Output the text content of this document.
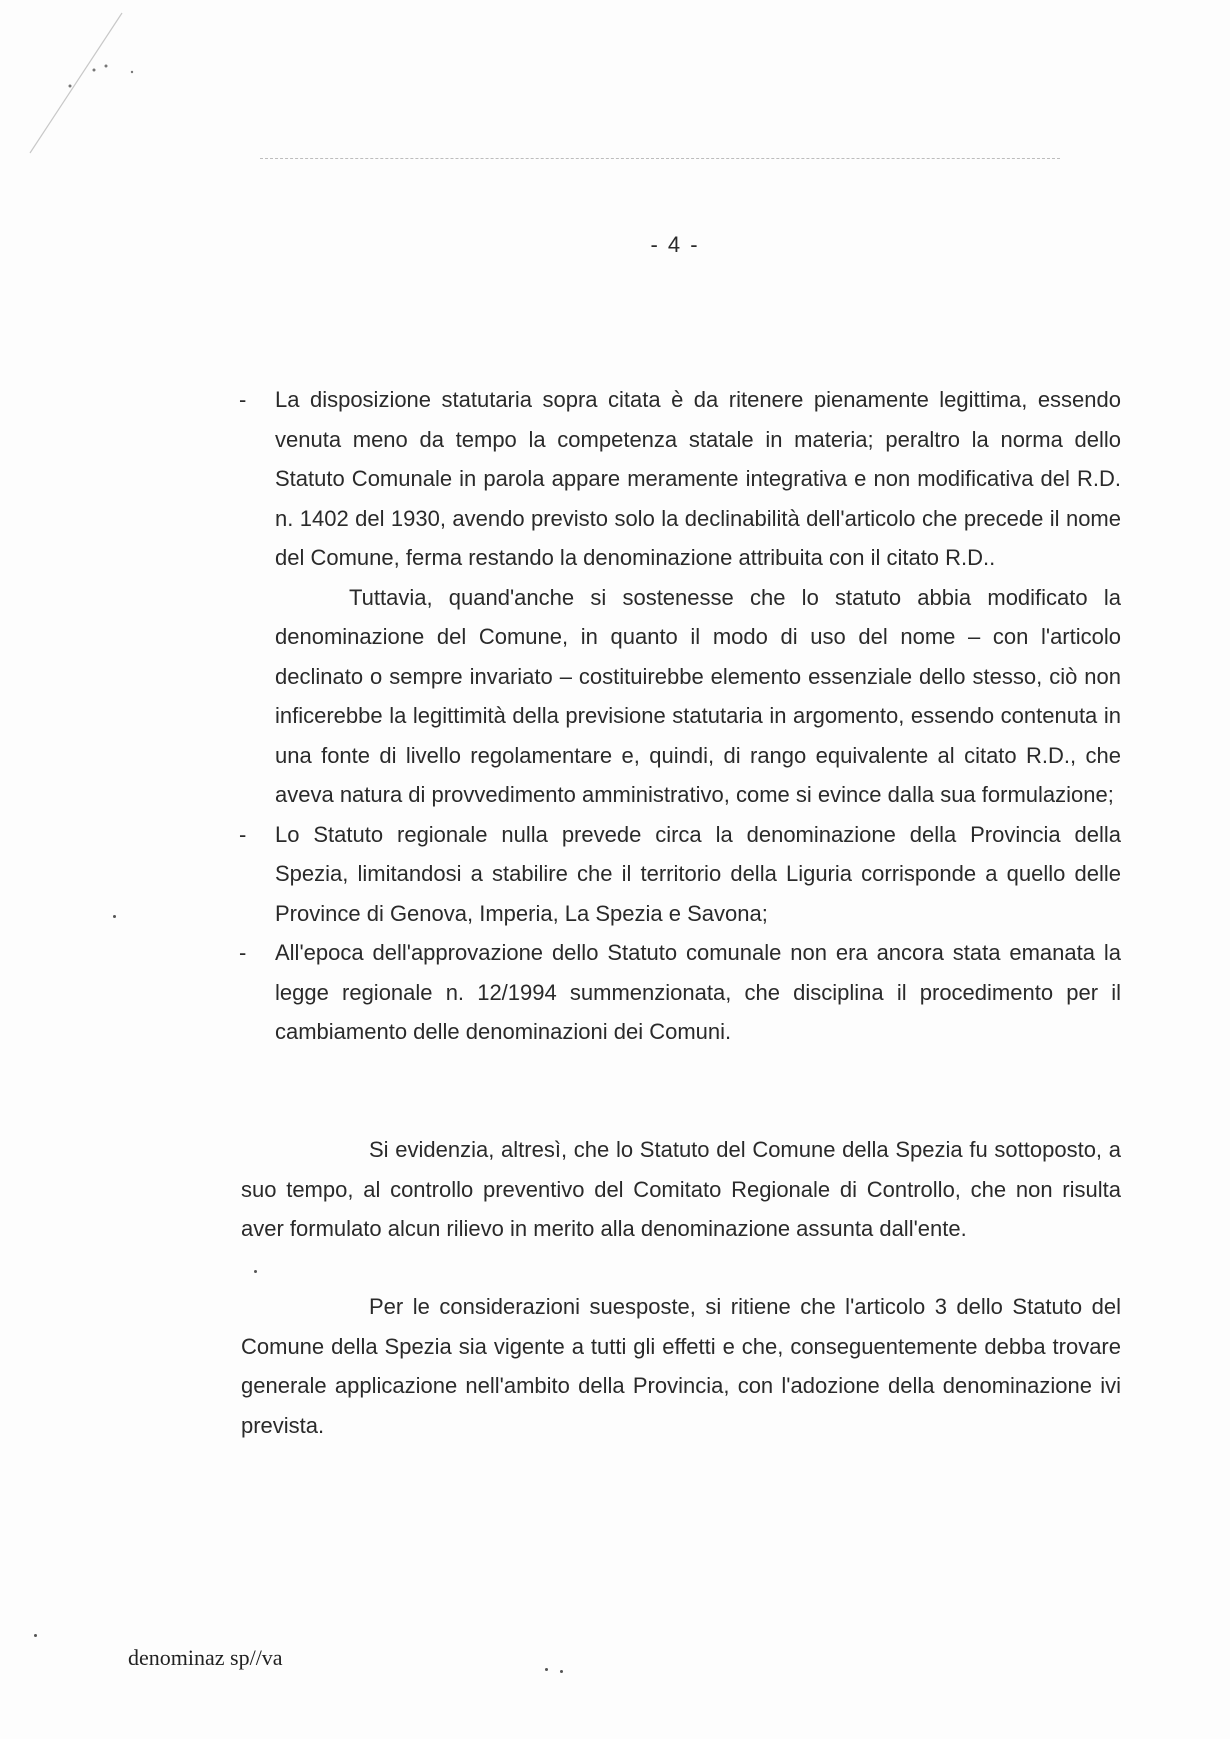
- 4 -
- La disposizione statutaria sopra citata è da ritenere pienamente legittima, essendo venuta meno da tempo la competenza statale in materia; peraltro la norma dello Statuto Comunale in parola appare meramente integrativa e non modificativa del R.D. n. 1402 del 1930, avendo previsto solo la declinabilità dell'articolo che precede il nome del Comune, ferma restando la denominazione attribuita con il citato R.D..

Tuttavia, quand'anche si sostenesse che lo statuto abbia modificato la denominazione del Comune, in quanto il modo di uso del nome – con l'articolo declinato o sempre invariato – costituirebbe elemento essenziale dello stesso, ciò non inficerebbe la legittimità della previsione statutaria in argomento, essendo contenuta in una fonte di livello regolamentare e, quindi, di rango equivalente al citato R.D., che aveva natura di provvedimento amministrativo, come si evince dalla sua formulazione;

- Lo Statuto regionale nulla prevede circa la denominazione della Provincia della Spezia, limitandosi a stabilire che il territorio della Liguria corrisponde a quello delle Province di Genova, Imperia, La Spezia e Savona;

- All'epoca dell'approvazione dello Statuto comunale non era ancora stata emanata la legge regionale n. 12/1994 summenzionata, che disciplina il procedimento per il cambiamento delle denominazioni dei Comuni.

Si evidenzia, altresì, che lo Statuto del Comune della Spezia fu sottoposto, a suo tempo, al controllo preventivo del Comitato Regionale di Controllo, che non risulta aver formulato alcun rilievo in merito alla denominazione assunta dall'ente.

Per le considerazioni suesposte, si ritiene che l'articolo 3 dello Statuto del Comune della Spezia sia vigente a tutti gli effetti e che, conseguentemente debba trovare generale applicazione nell'ambito della Provincia, con l'adozione della denominazione ivi prevista.

denominaz sp//va
